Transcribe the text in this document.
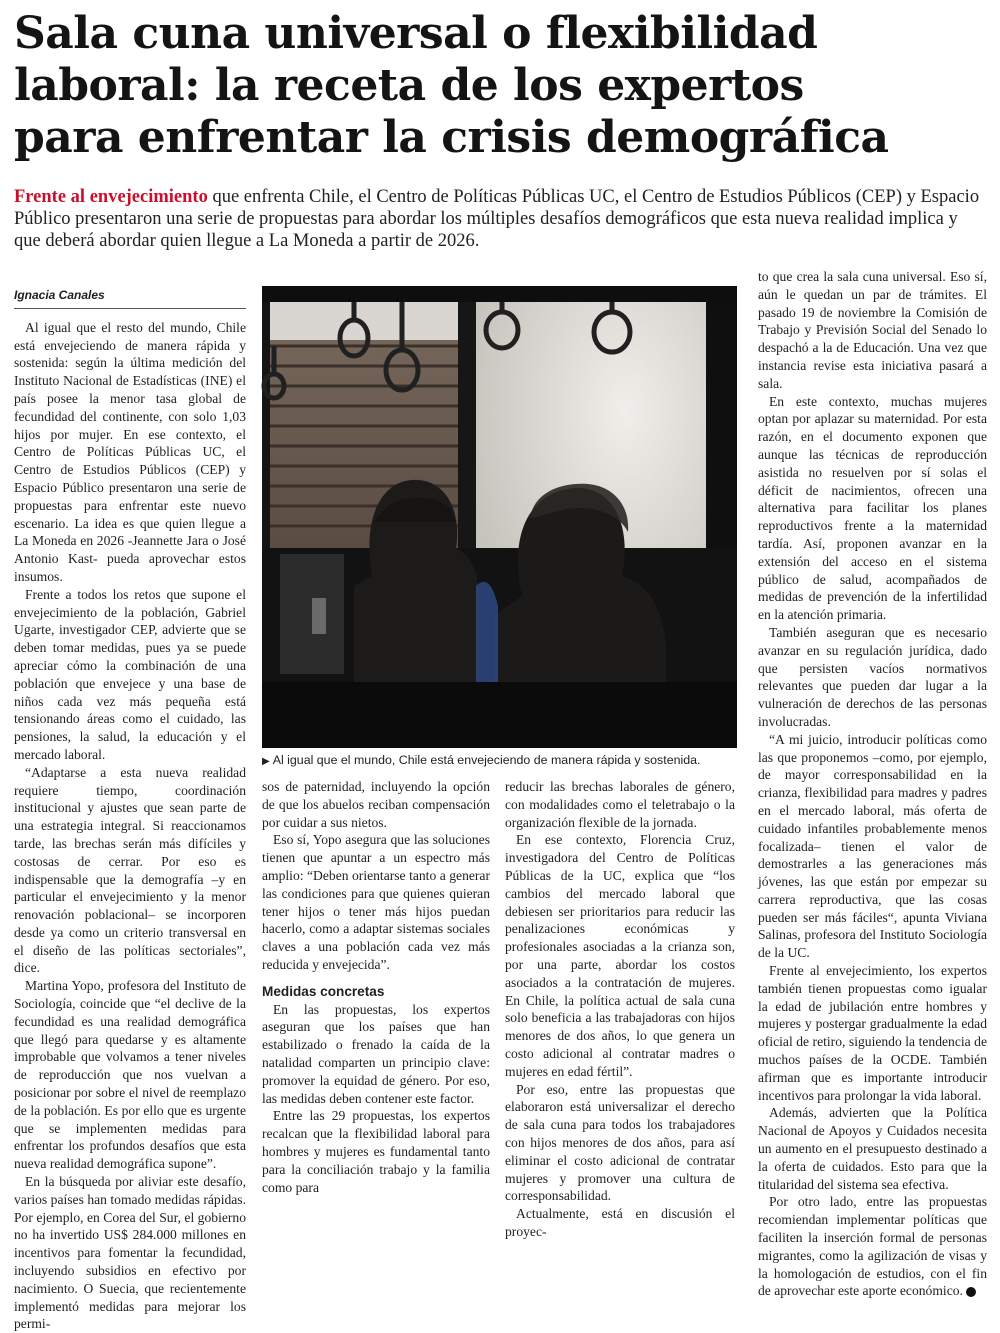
Sala cuna universal o flexibilidad
laboral: la receta de los expertos
para enfrentar la crisis demográfica
Frente al envejecimiento que enfrenta Chile, el Centro de Políticas Públicas UC, el Centro de Estudios Públicos (CEP) y Espacio Público presentaron una serie de propuestas para abordar los múltiples desafíos demográficos que esta nueva realidad implica y que deberá abordar quien llegue a La Moneda a partir de 2026.
Ignacia Canales

Al igual que el resto del mundo, Chile está envejeciendo de manera rápida y sostenida: según la última medición del Instituto Nacional de Estadísticas (INE) el país posee la menor tasa global de fecundidad del continente, con solo 1,03 hijos por mujer. En ese contexto, el Centro de Políticas Públicas UC, el Centro de Estudios Públicos (CEP) y Espacio Público presentaron una serie de propuestas para enfrentar este nuevo escenario. La idea es que quien llegue a La Moneda en 2026 -Jeannette Jara o José Antonio Kast- pueda aprovechar estos insumos.

Frente a todos los retos que supone el envejecimiento de la población, Gabriel Ugarte, investigador CEP, advierte que se deben tomar medidas, pues ya se puede apreciar cómo la combinación de una población que envejece y una base de niños cada vez más pequeña está tensionando áreas como el cuidado, las pensiones, la salud, la educación y el mercado laboral.

“Adaptarse a esta nueva realidad requiere tiempo, coordinación institucional y ajustes que sean parte de una estrategia integral. Si reaccionamos tarde, las brechas serán más difíciles y costosas de cerrar. Por eso es indispensable que la demografía –y en particular el envejecimiento y la menor renovación poblacional– se incorporen desde ya como un criterio transversal en el diseño de las políticas sectoriales”, dice.

Martina Yopo, profesora del Instituto de Sociología, coincide que “el declive de la fecundidad es una realidad demográfica que llegó para quedarse y es altamente improbable que volvamos a tener niveles de reproducción que nos vuelvan a posicionar por sobre el nivel de reemplazo de la población. Es por ello que es urgente que se implementen medidas para enfrentar los profundos desafíos que esta nueva realidad demográfica supone”.

En la búsqueda por aliviar este desafío, varios países han tomado medidas rápidas. Por ejemplo, en Corea del Sur, el gobierno no ha invertido US$ 284.000 millones en incentivos para fomentar la fecundidad, incluyendo subsidios en efectivo por nacimiento. O Suecia, que recientemente implementó medidas para mejorar los permi-

▶ Al igual que el mundo, Chile está envejeciendo de manera rápida y sostenida.

sos de paternidad, incluyendo la opción de que los abuelos reciban compensación por cuidar a sus nietos.

Eso sí, Yopo asegura que las soluciones tienen que apuntar a un espectro más amplio: “Deben orientarse tanto a generar las condiciones para que quienes quieran tener hijos o tener más hijos puedan hacerlo, como a adaptar sistemas sociales claves a una población cada vez más reducida y envejecida”.

Medidas concretas

En las propuestas, los expertos aseguran que los países que han estabilizado o frenado la caída de la natalidad comparten un principio clave: promover la equidad de género. Por eso, las medidas deben contener este factor.

Entre las 29 propuestas, los expertos recalcan que la flexibilidad laboral para hombres y mujeres es fundamental tanto para la conciliación trabajo y la familia como para

reducir las brechas laborales de género, con modalidades como el teletrabajo o la organización flexible de la jornada.

En ese contexto, Florencia Cruz, investigadora del Centro de Políticas Públicas de la UC, explica que “los cambios del mercado laboral que debiesen ser prioritarios para reducir las penalizaciones económicas y profesionales asociadas a la crianza son, por una parte, abordar los costos asociados a la contratación de mujeres. En Chile, la política actual de sala cuna solo beneficia a las trabajadoras con hijos menores de dos años, lo que genera un costo adicional al contratar madres o mujeres en edad fértil”.

Por eso, entre las propuestas que elaboraron está universalizar el derecho de sala cuna para todos los trabajadores con hijos menores de dos años, para así eliminar el costo adicional de contratar mujeres y promover una cultura de corresponsabilidad.

Actualmente, está en discusión el proyec-

to que crea la sala cuna universal. Eso sí, aún le quedan un par de trámites. El pasado 19 de noviembre la Comisión de Trabajo y Previsión Social del Senado lo despachó a la de Educación. Una vez que instancia revise esta iniciativa pasará a sala.

En este contexto, muchas mujeres optan por aplazar su maternidad. Por esta razón, en el documento exponen que aunque las técnicas de reproducción asistida no resuelven por sí solas el déficit de nacimientos, ofrecen una alternativa para facilitar los planes reproductivos frente a la maternidad tardía. Así, proponen avanzar en la extensión del acceso en el sistema público de salud, acompañados de medidas de prevención de la infertilidad en la atención primaria.

También aseguran que es necesario avanzar en su regulación jurídica, dado que persisten vacíos normativos relevantes que pueden dar lugar a la vulneración de derechos de las personas involucradas.

“A mi juicio, introducir políticas como las que proponemos –como, por ejemplo, de mayor corresponsabilidad en la crianza, flexibilidad para madres y padres en el mercado laboral, más oferta de cuidado infantiles probablemente menos focalizada– tienen el valor de demostrarles a las generaciones más jóvenes, las que están por empezar su carrera reproductiva, que las cosas pueden ser más fáciles“, apunta Viviana Salinas, profesora del Instituto Sociología de la UC.

Frente al envejecimiento, los expertos también tienen propuestas como igualar la edad de jubilación entre hombres y mujeres y postergar gradualmente la edad oficial de retiro, siguiendo la tendencia de muchos países de la OCDE. También afirman que es importante introducir incentivos para prolongar la vida laboral.

Además, advierten que la Política Nacional de Apoyos y Cuidados necesita un aumento en el presupuesto destinado a la oferta de cuidados. Esto para que la titularidad del sistema sea efectiva.

Por otro lado, entre las propuestas recomiendan implementar políticas que faciliten la inserción formal de personas migrantes, como la agilización de visas y la homologación de estudios, con el fin de aprovechar este aporte económico.
